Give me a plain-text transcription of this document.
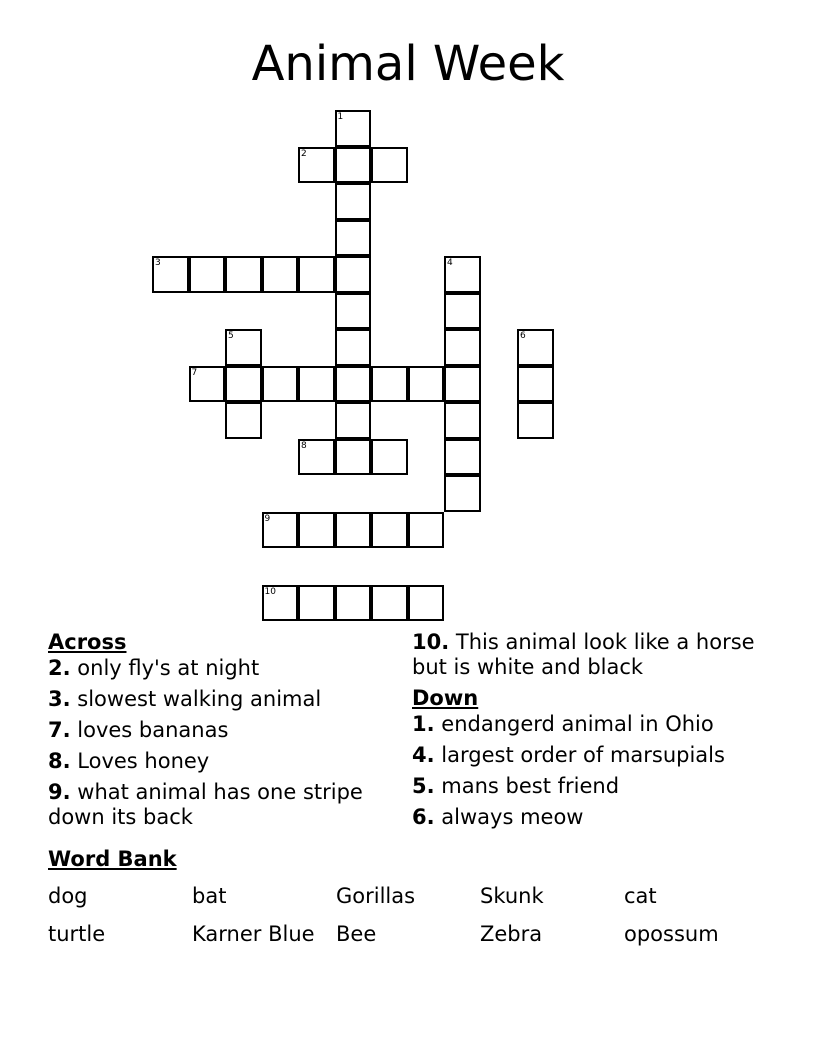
Animal Week
1
2
3	4
5	6
7
8
9
10
Across
2. only fly's at night
3. slowest walking animal
7. loves bananas
8. Loves honey
9. what animal has one stripe down its back
10. This animal look like a horse but is white and black
Down
1. endangerd animal in Ohio
4. largest order of marsupials
5. mans best friend
6. always meow
Word Bank
dog	bat	Gorillas	Skunk	cat
turtle	Karner Blue	Bee	Zebra	opossum
